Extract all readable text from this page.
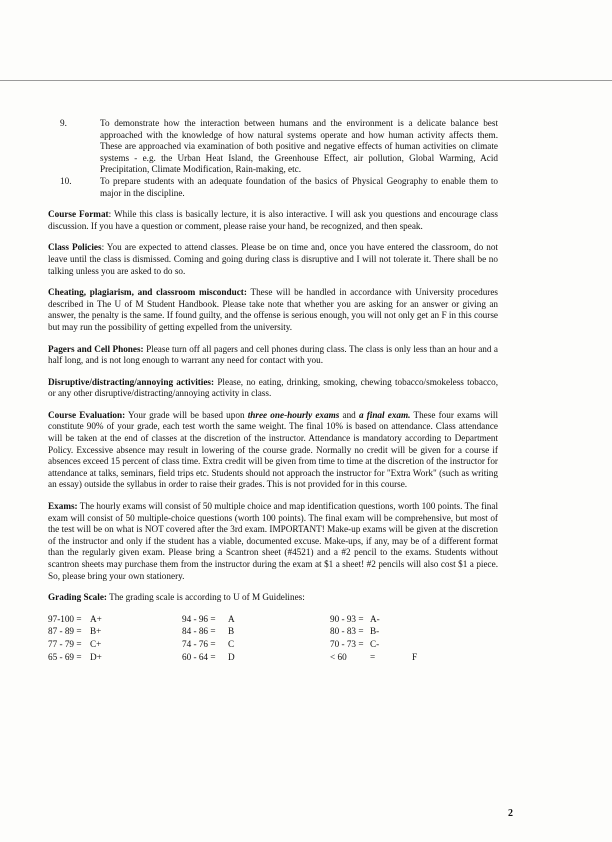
9.	To demonstrate how the interaction between humans and the environment is a delicate balance best approached with the knowledge of how natural systems operate and how human activity affects them. These are approached via examination of both positive and negative effects of human activities on climate systems - e.g. the Urban Heat Island, the Greenhouse Effect, air pollution, Global Warming, Acid Precipitation, Climate Modification, Rain-making, etc.
10.	To prepare students with an adequate foundation of the basics of Physical Geography to enable them to major in the discipline.
Course Format: While this class is basically lecture, it is also interactive. I will ask you questions and encourage class discussion. If you have a question or comment, please raise your hand, be recognized, and then speak.
Class Policies: You are expected to attend classes. Please be on time and, once you have entered the classroom, do not leave until the class is dismissed. Coming and going during class is disruptive and I will not tolerate it. There shall be no talking unless you are asked to do so.
Cheating, plagiarism, and classroom misconduct: These will be handled in accordance with University procedures described in The U of M Student Handbook. Please take note that whether you are asking for an answer or giving an answer, the penalty is the same. If found guilty, and the offense is serious enough, you will not only get an F in this course but may run the possibility of getting expelled from the university.
Pagers and Cell Phones: Please turn off all pagers and cell phones during class. The class is only less than an hour and a half long, and is not long enough to warrant any need for contact with you.
Disruptive/distracting/annoying activities: Please, no eating, drinking, smoking, chewing tobacco/smokeless tobacco, or any other disruptive/distracting/annoying activity in class.
Course Evaluation: Your grade will be based upon three one-hourly exams and a final exam. These four exams will constitute 90% of your grade, each test worth the same weight. The final 10% is based on attendance. Class attendance will be taken at the end of classes at the discretion of the instructor. Attendance is mandatory according to Department Policy. Excessive absence may result in lowering of the course grade. Normally no credit will be given for a course if absences exceed 15 percent of class time. Extra credit will be given from time to time at the discretion of the instructor for attendance at talks, seminars, field trips etc. Students should not approach the instructor for "Extra Work" (such as writing an essay) outside the syllabus in order to raise their grades. This is not provided for in this course.
Exams: The hourly exams will consist of 50 multiple choice and map identification questions, worth 100 points. The final exam will consist of 50 multiple-choice questions (worth 100 points). The final exam will be comprehensive, but most of the test will be on what is NOT covered after the 3rd exam. IMPORTANT! Make-up exams will be given at the discretion of the instructor and only if the student has a viable, documented excuse. Make-ups, if any, may be of a different format than the regularly given exam. Please bring a Scantron sheet (#4521) and a #2 pencil to the exams. Students without scantron sheets may purchase them from the instructor during the exam at $1 a sheet! #2 pencils will also cost $1 a piece. So, please bring your own stationery.
Grading Scale: The grading scale is according to U of M Guidelines:
97-100 = A+	94 - 96 =	A	90 - 93 = A-
87 - 89 = B+	84 - 86 =	B	80 - 83 = B-
77 - 79 = C+	74 - 76 =	C	70 - 73 = C-
65 - 69 = D+	60 - 64 =	D	< 60	=	F
2
